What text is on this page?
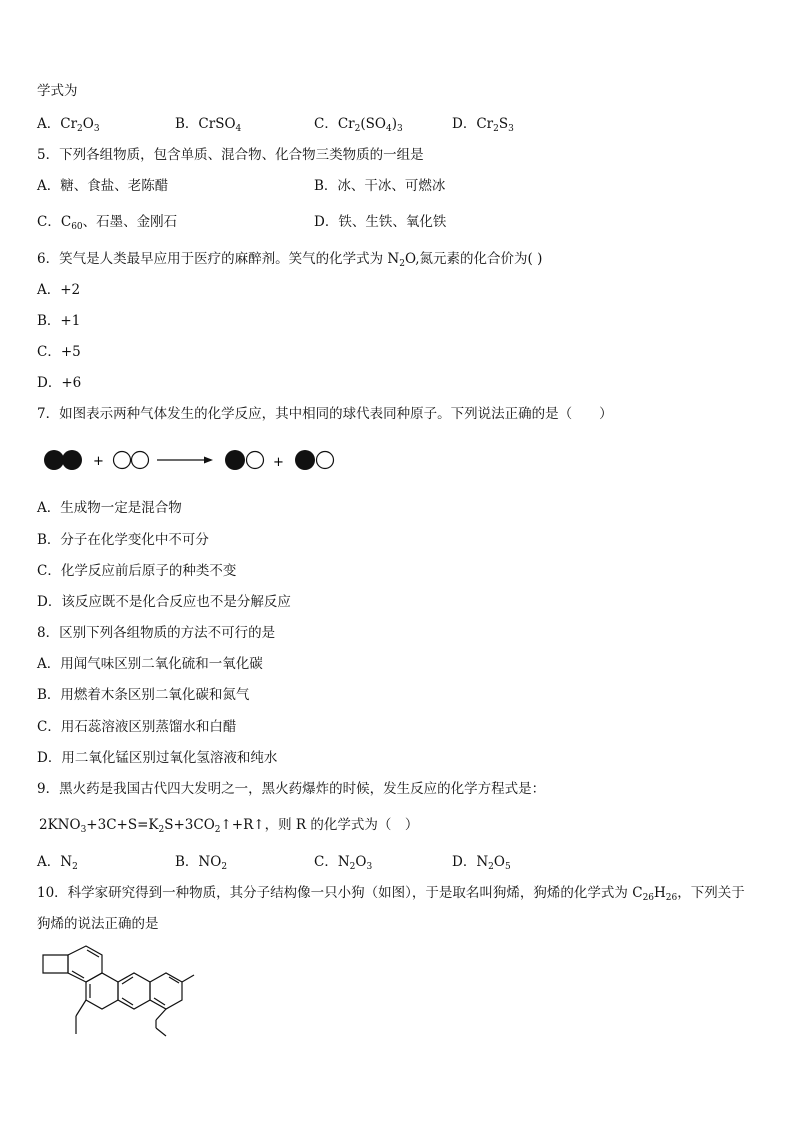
学式为
A．$Cr_2O_3$	B．CrSO$_4$	C．$Cr_2(SO_4)_3$	D．$Cr_2S_3$
5．下列各组物质，包含单质、混合物、化合物三类物质的一组是
A．糖、食盐、老陈醋	B．冰、干冰、可燃冰
C．$C_{60}$、石墨、金刚石	D．铁、生铁、氧化铁
6．笑气是人类最早应用于医疗的麻醉剂。笑气的化学式为 $N_2O$,氮元素的化合价为( )
A．+2
B．+1
C．+5
D．+6
7．如图表示两种气体发生的化学反应，其中相同的球代表同种原子。下列说法正确的是（　　）
+	+
A．生成物一定是混合物
B．分子在化学变化中不可分
C．化学反应前后原子的种类不变
D．该反应既不是化合反应也不是分解反应
8．区别下列各组物质的方法不可行的是
A．用闻气味区别二氧化硫和一氧化碳
B．用燃着木条区别二氧化碳和氮气
C．用石蕊溶液区别蒸馏水和白醋
D．用二氧化锰区别过氧化氢溶液和纯水
9．黑火药是我国古代四大发明之一，黑火药爆炸的时候，发生反应的化学方程式是：
$2KNO_3+3C+S=K_2S+3CO_2↑+R↑$，则 R 的化学式为（　）
A．$N_2$	B．$NO_2$	C．$N_2O_3$	D．$N_2O_5$
10．科学家研究得到一种物质，其分子结构像一只小狗（如图），于是取名叫狗烯，狗烯的化学式为 $C_{26}H_{26}$，下列关于
狗烯的说法正确的是
